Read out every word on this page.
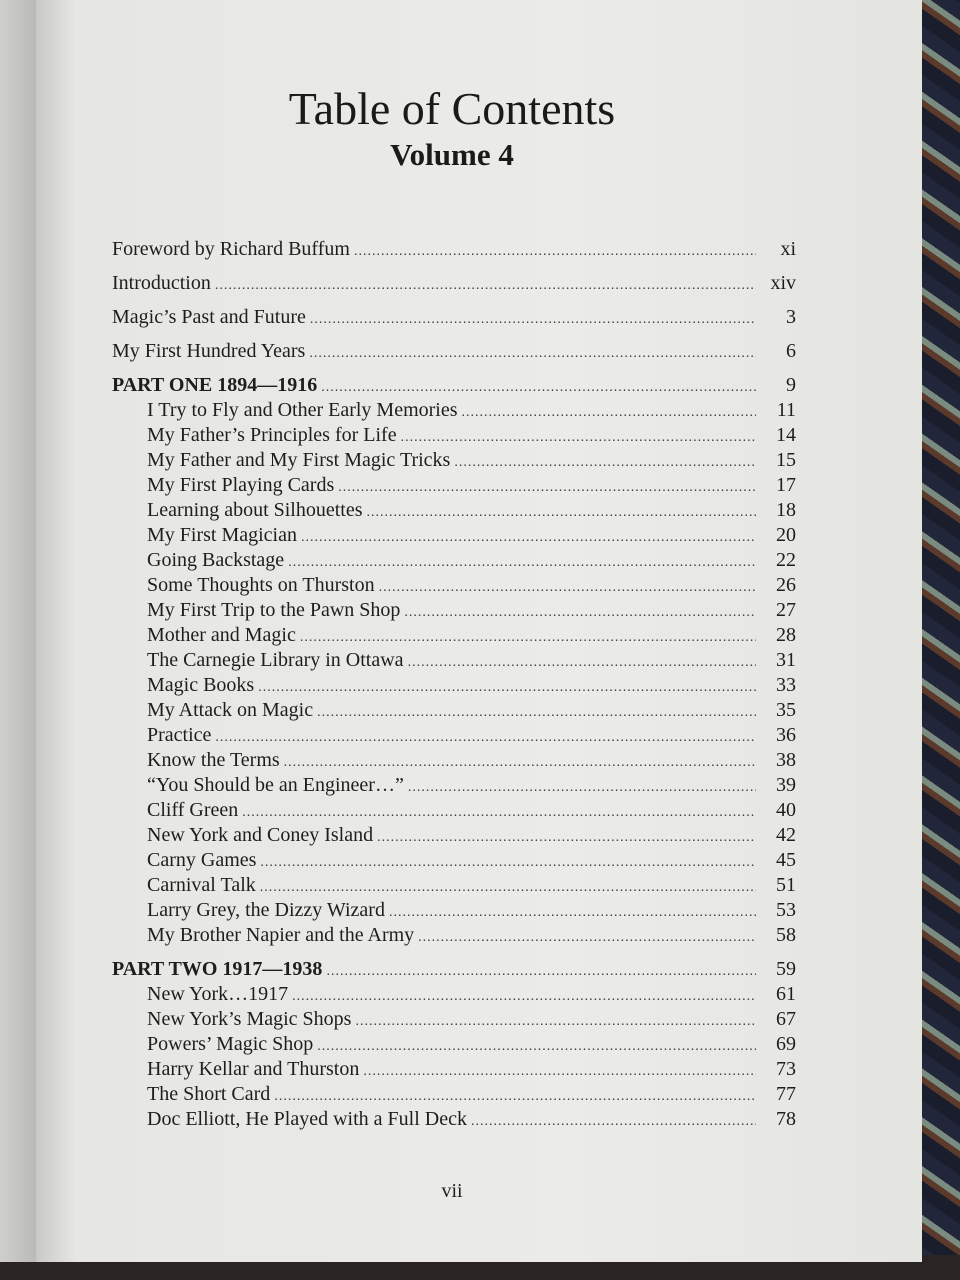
Table of Contents
Volume 4
Foreword by Richard Buffum .....	xi
Introduction .....	xiv
Magic’s Past and Future .....	3
My First Hundred Years .....	6
PART ONE 1894—1916 .....	9
I Try to Fly and Other Early Memories .....	11
My Father’s Principles for Life .....	14
My Father and My First Magic Tricks .....	15
My First Playing Cards .....	17
Learning about Silhouettes .....	18
My First Magician .....	20
Going Backstage .....	22
Some Thoughts on Thurston .....	26
My First Trip to the Pawn Shop .....	27
Mother and Magic .....	28
The Carnegie Library in Ottawa .....	31
Magic Books .....	33
My Attack on Magic .....	35
Practice .....	36
Know the Terms .....	38
“You Should be an Engineer…” .....	39
Cliff Green .....	40
New York and Coney Island .....	42
Carny Games .....	45
Carnival Talk .....	51
Larry Grey, the Dizzy Wizard .....	53
My Brother Napier and the Army .....	58
PART TWO 1917—1938 .....	59
New York…1917 .....	61
New York’s Magic Shops .....	67
Powers’ Magic Shop .....	69
Harry Kellar and Thurston .....	73
The Short Card .....	77
Doc Elliott, He Played with a Full Deck .....	78
vii
